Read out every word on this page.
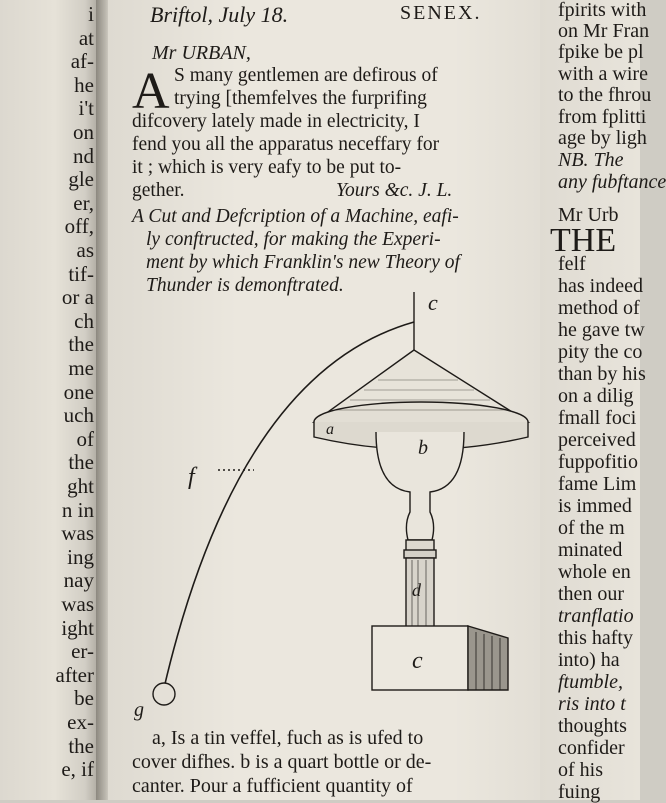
i
at
af-
he
i't
on
nd
gle
er,
off,
as
tif-
or a
ch
the
me
one
uch
of
the
ght
n in
was
ing
nay
was
ight
er-
after
be
ex-
the
e, if
fpirits with
on Mr Fran
fpike be pl
with a wire
to the fhrou
from fplitti
age by ligh
NB. The
any fubftance
Mr Urb
THE
felf
has indeed
method of
he gave tw
pity the co
than by his
on a dilig
fmall foci
perceived
fuppofitio
fame Lim
is immed
of the m
minated
whole en
then our
tranflatio
this hafty
into) ha
ftumble,
ris into t
thoughts
confider
of his
fuing
Briftol, July 18.	SENEX.
Mr URBAN,
A S many gentlemen are defirous of
trying [themfelves the furprifing
difcovery lately made in electricity, I
fend you all the apparatus neceffary for
it ; which is very eafy to be put to-
gether.	Yours &c. J. L.
A Cut and Defcription of a Machine, eafi-
ly conftructed, for making the Experi-
ment by which Franklin's new Theory of
Thunder is demonftrated.
c
a
b
f
d
c
g
a, Is a tin veffel, fuch as is ufed to
cover difhes. b is a quart bottle or de-
canter. Pour a fufficient quantity of
